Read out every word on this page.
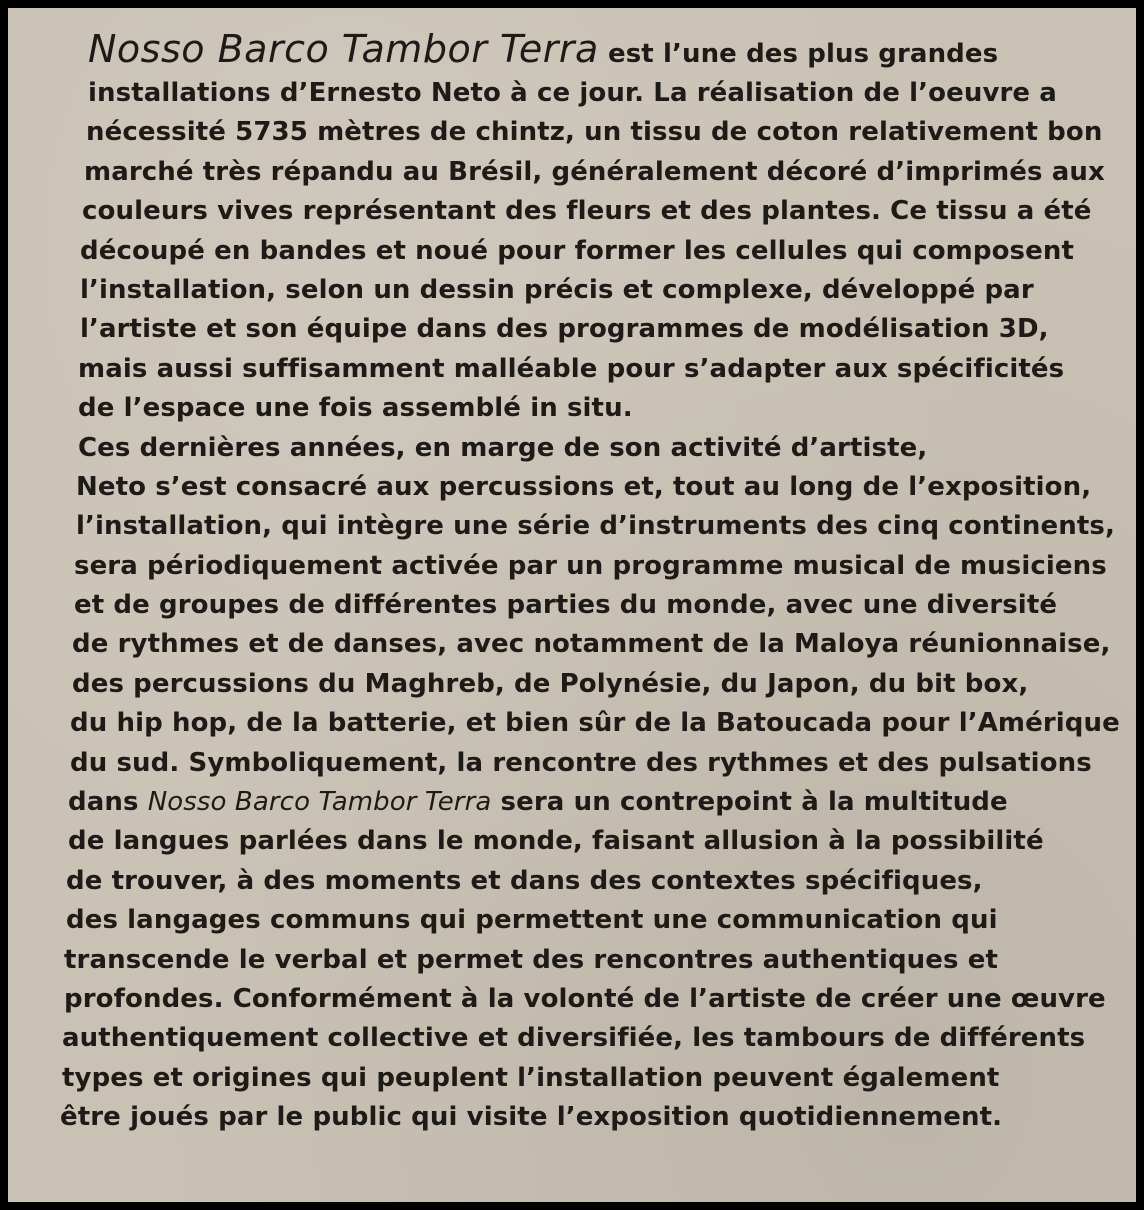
Nosso Barco Tambor Terra est l’une des plus grandes
installations d’Ernesto Neto à ce jour. La réalisation de l’oeuvre a
nécessité 5735 mètres de chintz, un tissu de coton relativement bon
marché très répandu au Brésil, généralement décoré d’imprimés aux
couleurs vives représentant des fleurs et des plantes. Ce tissu a été
découpé en bandes et noué pour former les cellules qui composent
l’installation, selon un dessin précis et complexe, développé par
l’artiste et son équipe dans des programmes de modélisation 3D,
mais aussi suffisamment malléable pour s’adapter aux spécificités
de l’espace une fois assemblé in situ.
Ces dernières années, en marge de son activité d’artiste,
Neto s’est consacré aux percussions et, tout au long de l’exposition,
l’installation, qui intègre une série d’instruments des cinq continents,
sera périodiquement activée par un programme musical de musiciens
et de groupes de différentes parties du monde, avec une diversité
de rythmes et de danses, avec notamment de la Maloya réunionnaise,
des percussions du Maghreb, de Polynésie, du Japon, du bit box,
du hip hop, de la batterie, et bien sûr de la Batoucada pour l’Amérique
du sud. Symboliquement, la rencontre des rythmes et des pulsations
dans Nosso Barco Tambor Terra sera un contrepoint à la multitude
de langues parlées dans le monde, faisant allusion à la possibilité
de trouver, à des moments et dans des contextes spécifiques,
des langages communs qui permettent une communication qui
transcende le verbal et permet des rencontres authentiques et
profondes. Conformément à la volonté de l’artiste de créer une œuvre
authentiquement collective et diversifiée, les tambours de différents
types et origines qui peuplent l’installation peuvent également
être joués par le public qui visite l’exposition quotidiennement.
